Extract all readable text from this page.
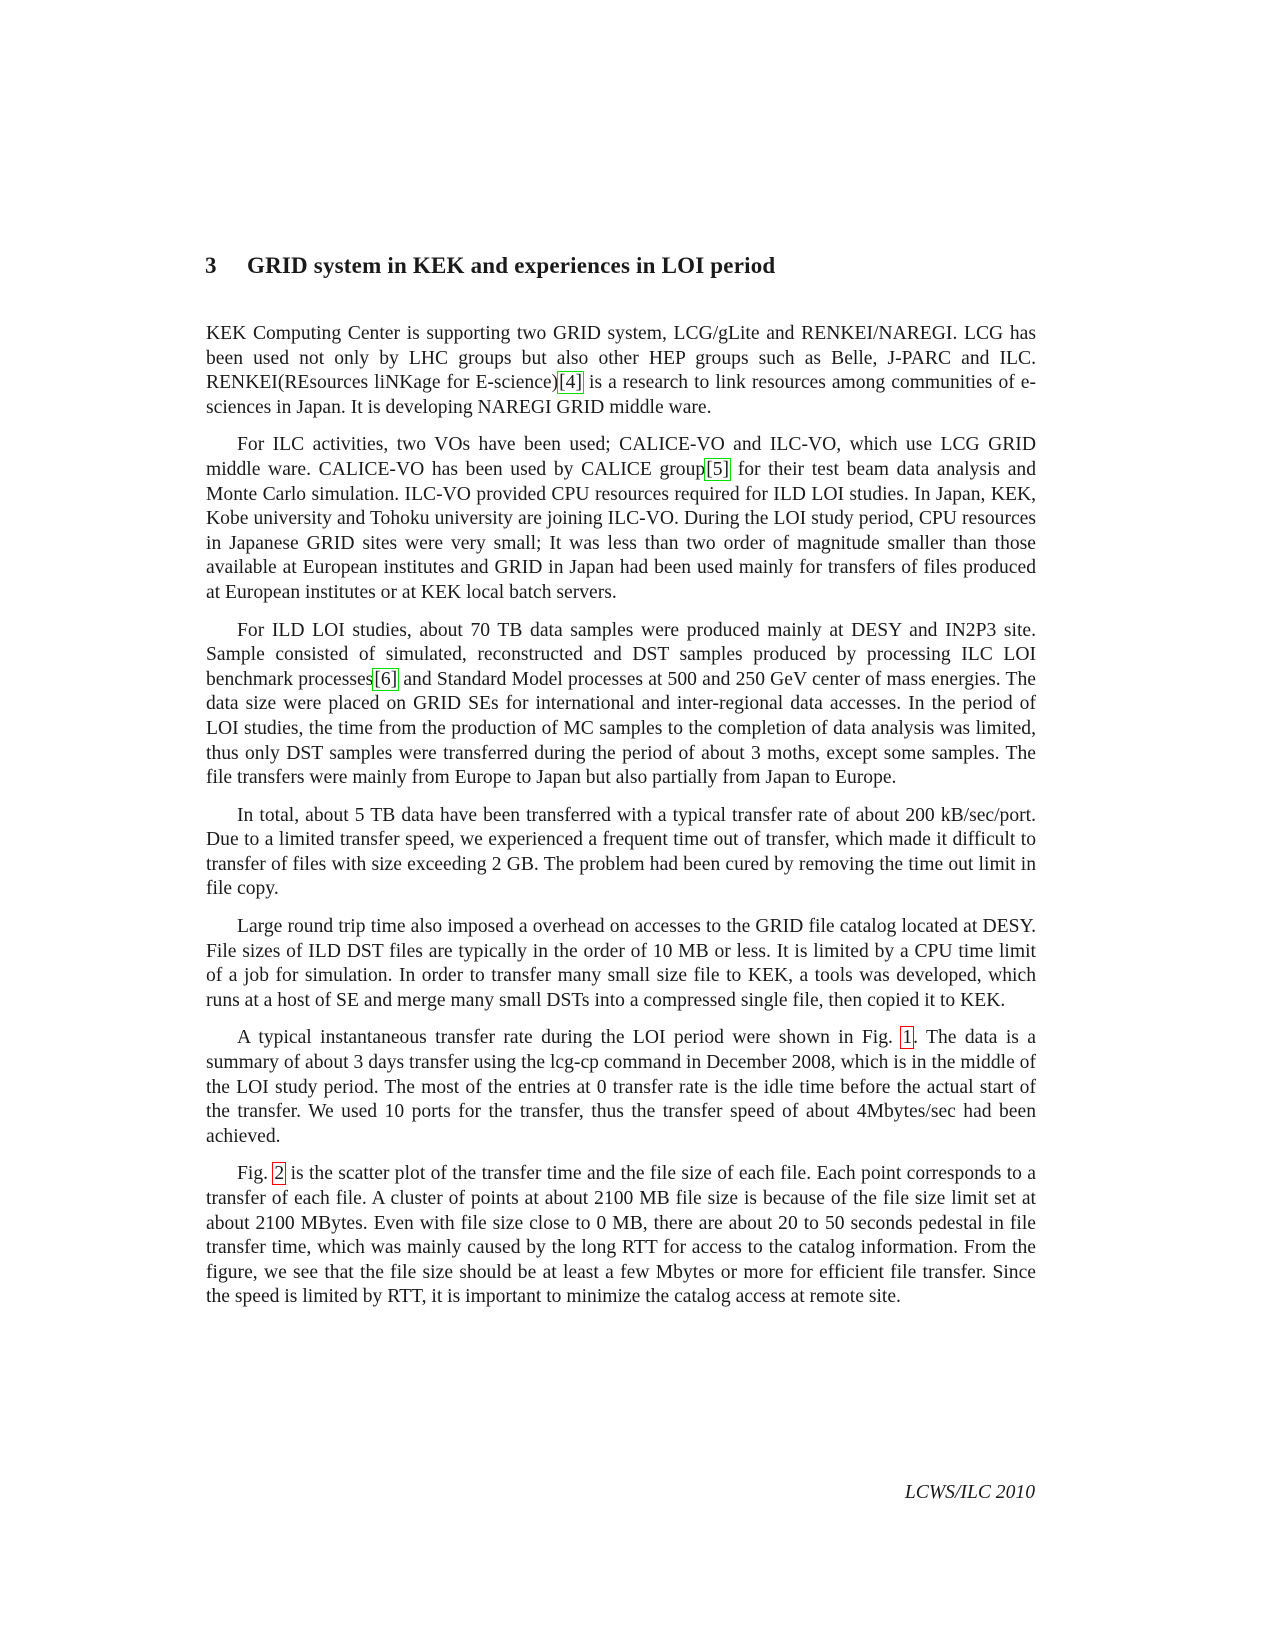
3 GRID system in KEK and experiences in LOI period

KEK Computing Center is supporting two GRID system, LCG/gLite and RENKEI/NAREGI. LCG has been used not only by LHC groups but also other HEP groups such as Belle, J-PARC and ILC. RENKEI(REsources liNKage for E-science)[4] is a research to link resources among communities of e-sciences in Japan. It is developing NAREGI GRID middle ware.

For ILC activities, two VOs have been used; CALICE-VO and ILC-VO, which use LCG GRID middle ware. CALICE-VO has been used by CALICE group[5] for their test beam data analysis and Monte Carlo simulation. ILC-VO provided CPU resources required for ILD LOI studies. In Japan, KEK, Kobe university and Tohoku university are joining ILC-VO. During the LOI study period, CPU resources in Japanese GRID sites were very small; It was less than two order of magnitude smaller than those available at European institutes and GRID in Japan had been used mainly for transfers of files produced at European institutes or at KEK local batch servers.

For ILD LOI studies, about 70 TB data samples were produced mainly at DESY and IN2P3 site. Sample consisted of simulated, reconstructed and DST samples produced by processing ILC LOI benchmark processes[6] and Standard Model processes at 500 and 250 GeV center of mass energies. The data size were placed on GRID SEs for international and inter-regional data accesses. In the period of LOI studies, the time from the production of MC samples to the completion of data analysis was limited, thus only DST samples were transferred during the period of about 3 moths, except some samples. The file transfers were mainly from Europe to Japan but also partially from Japan to Europe.

In total, about 5 TB data have been transferred with a typical transfer rate of about 200 kB/sec/port. Due to a limited transfer speed, we experienced a frequent time out of transfer, which made it difficult to transfer of files with size exceeding 2 GB. The problem had been cured by removing the time out limit in file copy.

Large round trip time also imposed a overhead on accesses to the GRID file catalog located at DESY. File sizes of ILD DST files are typically in the order of 10 MB or less. It is limited by a CPU time limit of a job for simulation. In order to transfer many small size file to KEK, a tools was developed, which runs at a host of SE and merge many small DSTs into a compressed single file, then copied it to KEK.

A typical instantaneous transfer rate during the LOI period were shown in Fig. 1. The data is a summary of about 3 days transfer using the lcg-cp command in December 2008, which is in the middle of the LOI study period. The most of the entries at 0 transfer rate is the idle time before the actual start of the transfer. We used 10 ports for the transfer, thus the transfer speed of about 4Mbytes/sec had been achieved.

Fig. 2 is the scatter plot of the transfer time and the file size of each file. Each point corresponds to a transfer of each file. A cluster of points at about 2100 MB file size is because of the file size limit set at about 2100 MBytes. Even with file size close to 0 MB, there are about 20 to 50 seconds pedestal in file transfer time, which was mainly caused by the long RTT for access to the catalog information. From the figure, we see that the file size should be at least a few Mbytes or more for efficient file transfer. Since the speed is limited by RTT, it is important to minimize the catalog access at remote site.

LCWS/ILC 2010
